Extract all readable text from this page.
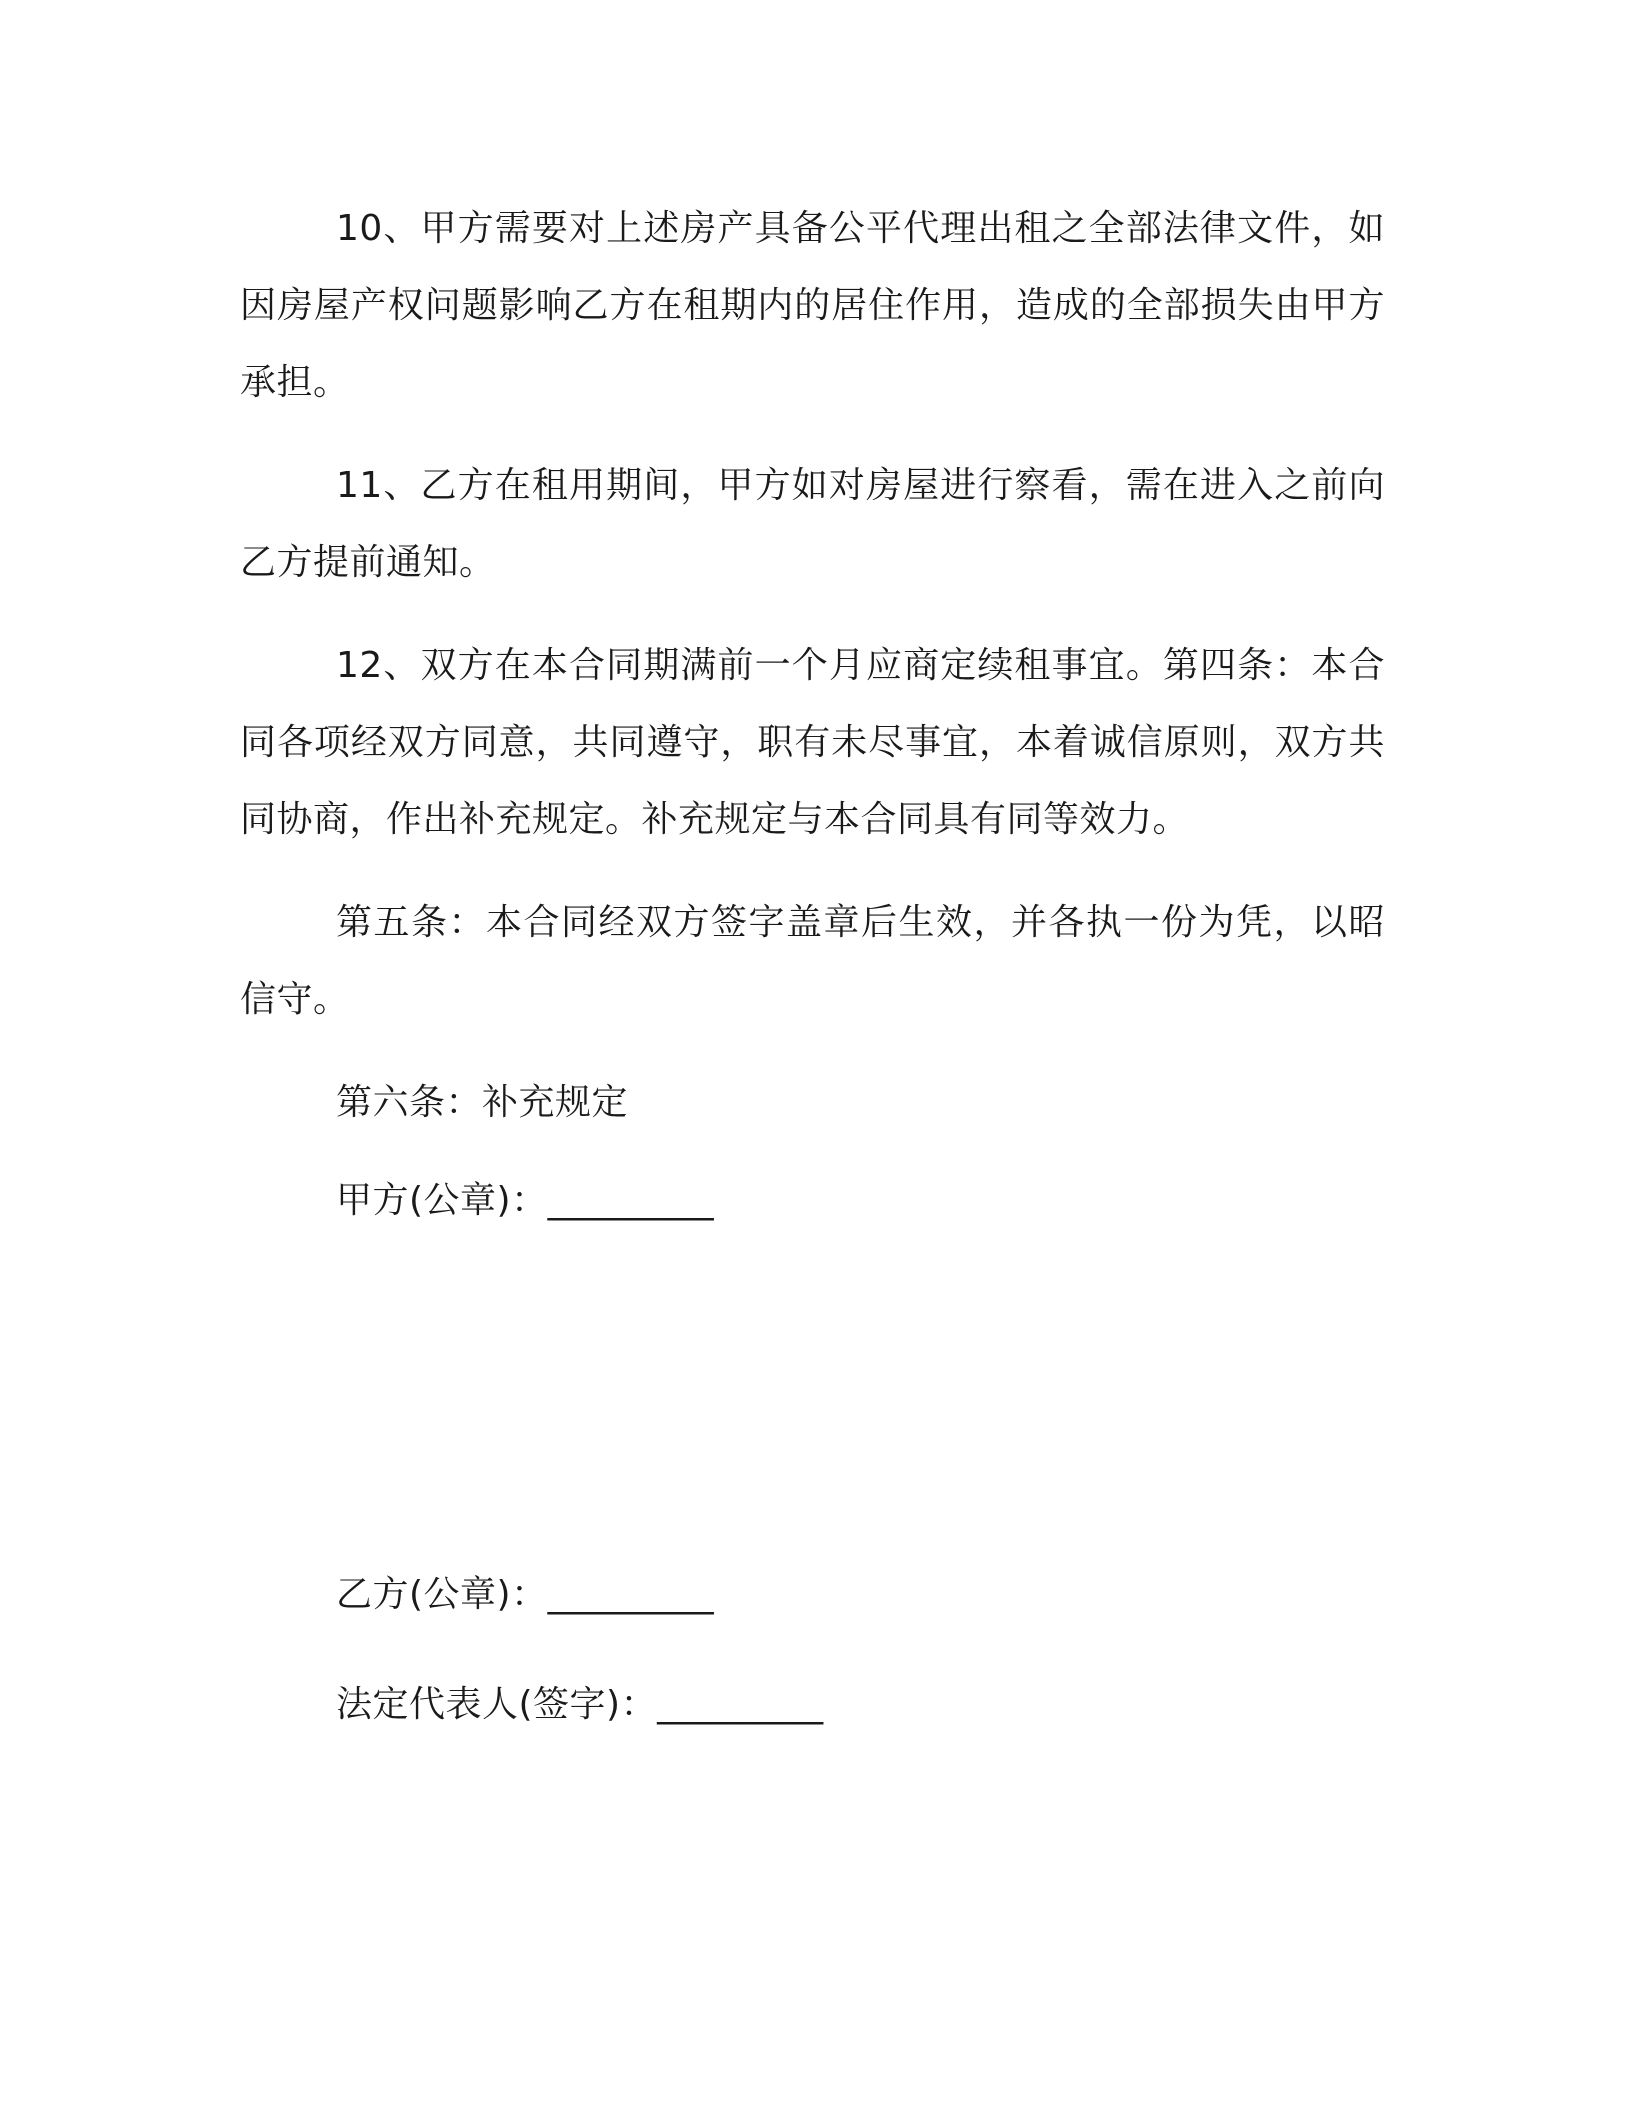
10、甲方需要对上述房产具备公平代理出租之全部法律文件，如因房屋产权问题影响乙方在租期内的居住作用，造成的全部损失由甲方承担。

11、乙方在租用期间，甲方如对房屋进行察看，需在进入之前向乙方提前通知。

12、双方在本合同期满前一个月应商定续租事宜。第四条：本合同各项经双方同意，共同遵守，职有未尽事宜，本着诚信原则，双方共同协商，作出补充规定。补充规定与本合同具有同等效力。

第五条：本合同经双方签字盖章后生效，并各执一份为凭，以昭信守。

第六条：补充规定

甲方(公章)：_________
乙方(公章)：_________
法定代表人(签字)：_________
